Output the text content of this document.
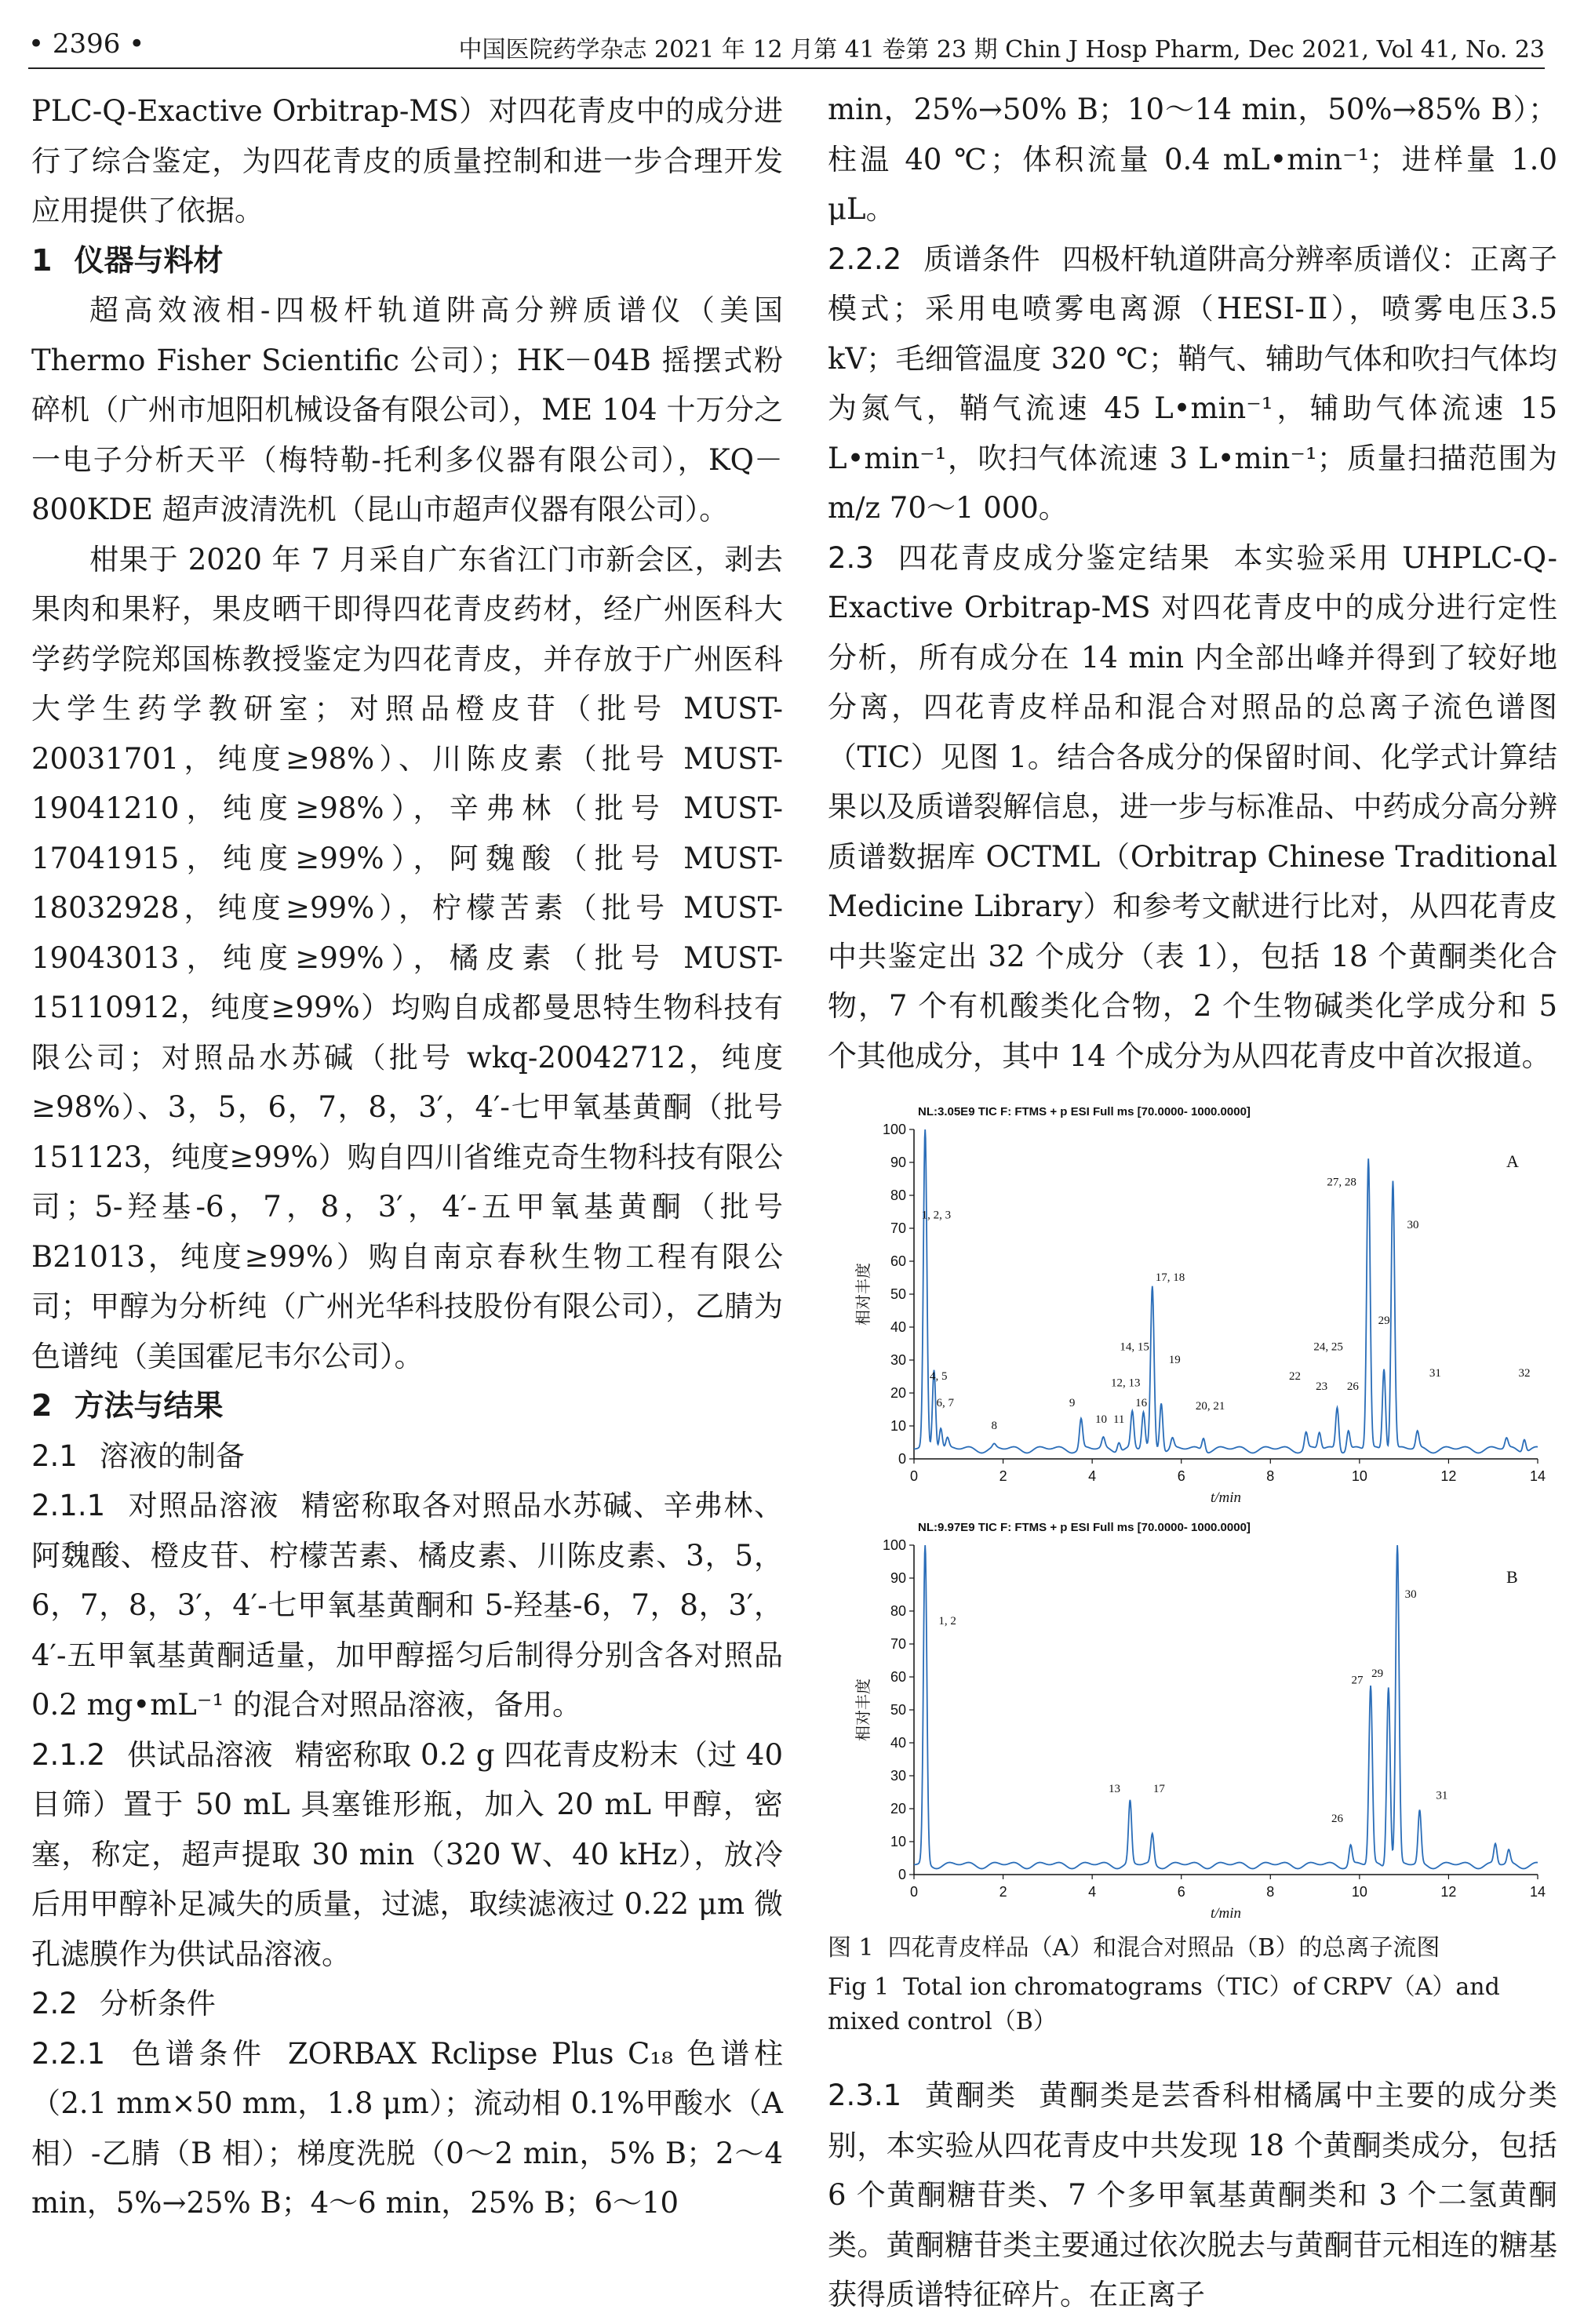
• 2396 •	中国医院药学杂志 2021 年 12 月第 41 卷第 23 期 Chin J Hosp Pharm, Dec 2021, Vol 41, No. 23

PLC-Q-Exactive Orbitrap-MS）对四花青皮中的成分进行了综合鉴定，为四花青皮的质量控制和进一步合理开发应用提供了依据。

1 仪器与料材

超高效液相-四极杆轨道阱高分辨质谱仪（美国 Thermo Fisher Scientific 公司）；HK－04B 摇摆式粉碎机（广州市旭阳机械设备有限公司），ME 104 十万分之一电子分析天平（梅特勒-托利多仪器有限公司），KQ－800KDE 超声波清洗机（昆山市超声仪器有限公司）。

柑果于 2020 年 7 月采自广东省江门市新会区，剥去果肉和果籽，果皮晒干即得四花青皮药材，经广州医科大学药学院郑国栋教授鉴定为四花青皮，并存放于广州医科大学生药学教研室；对照品橙皮苷（批号 MUST-20031701，纯度≥98%）、川陈皮素（批号 MUST-19041210，纯度≥98%），辛弗林（批号 MUST-17041915，纯度≥99%），阿魏酸（批号 MUST-18032928，纯度≥99%），柠檬苦素（批号 MUST-19043013，纯度≥99%），橘皮素（批号 MUST-15110912，纯度≥99%）均购自成都曼思特生物科技有限公司；对照品水苏碱（批号 wkq-20042712，纯度≥98%）、3，5，6，7，8，3′，4′-七甲氧基黄酮（批号 151123，纯度≥99%）购自四川省维克奇生物科技有限公司；5-羟基-6，7，8，3′，4′-五甲氧基黄酮（批号 B21013，纯度≥99%）购自南京春秋生物工程有限公司；甲醇为分析纯（广州光华科技股份有限公司），乙腈为色谱纯（美国霍尼韦尔公司）。

2 方法与结果
2.1 溶液的制备

2.1.1 对照品溶液 精密称取各对照品水苏碱、辛弗林、阿魏酸、橙皮苷、柠檬苦素、橘皮素、川陈皮素、3，5，6，7，8，3′，4′-七甲氧基黄酮和 5-羟基-6，7，8，3′，4′-五甲氧基黄酮适量，加甲醇摇匀后制得分别含各对照品 0.2 mg•mL⁻¹ 的混合对照品溶液，备用。

2.1.2 供试品溶液 精密称取 0.2 g 四花青皮粉末（过 40 目筛）置于 50 mL 具塞锥形瓶，加入 20 mL 甲醇，密塞，称定，超声提取 30 min（320 W、40 kHz），放冷后用甲醇补足减失的质量，过滤，取续滤液过 0.22 μm 微孔滤膜作为供试品溶液。

2.2 分析条件

2.2.1 色谱条件 ZORBAX Rclipse Plus C₁₈ 色谱柱（2.1 mm×50 mm，1.8 μm）；流动相 0.1%甲酸水（A 相）-乙腈（B 相）；梯度洗脱（0～2 min，5% B；2～4 min，5%→25% B；4～6 min，25% B；6～10

min，25%→50% B；10～14 min，50%→85% B）；柱温 40 ℃；体积流量 0.4 mL•min⁻¹；进样量 1.0 μL。

2.2.2 质谱条件 四极杆轨道阱高分辨率质谱仪：正离子模式；采用电喷雾电离源（HESI-Ⅱ），喷雾电压3.5 kV；毛细管温度 320 ℃；鞘气、辅助气体和吹扫气体均为氮气，鞘气流速 45 L•min⁻¹，辅助气体流速 15 L•min⁻¹，吹扫气体流速 3 L•min⁻¹；质量扫描范围为 m/z 70～1 000。

2.3 四花青皮成分鉴定结果 本实验采用 UHPLC-Q-Exactive Orbitrap-MS 对四花青皮中的成分进行定性分析，所有成分在 14 min 内全部出峰并得到了较好地分离，四花青皮样品和混合对照品的总离子流色谱图（TIC）见图 1。结合各成分的保留时间、化学式计算结果以及质谱裂解信息，进一步与标准品、中药成分高分辨质谱数据库 OCTML（Orbitrap Chinese Traditional Medicine Library）和参考文献进行比对，从四花青皮中共鉴定出 32 个成分（表 1），包括 18 个黄酮类化合物，7 个有机酸类化合物，2 个生物碱类化学成分和 5 个其他成分，其中 14 个成分为从四花青皮中首次报道。

NL:3.05E9 TIC F: FTMS + p ESI Full ms [70.0000- 1000.0000]
A
0
10
20
30
40
50
60
70
80
90
100
0	2	4	6	8	10	12	14
t/min
相对丰度
1, 2, 3
4, 5
6, 7
8
9
10 11
12, 13
14, 15
16
17, 18
19
20, 21
22
23
24, 25
26
27, 28
29
30
31	32
NL:9.97E9 TIC F: FTMS + p ESI Full ms [70.0000- 1000.0000]
B
0
10
20
30
40
50
60
70
80
90
100
0	2	4	6	8	10	12	14
t/min
相对丰度
1, 2
13	17
26
27
29
30
31

图 1 四花青皮样品（A）和混合对照品（B）的总离子流图

Fig 1 Total ion chromatograms（TIC）of CRPV（A）and mixed control（B）

2.3.1 黄酮类 黄酮类是芸香科柑橘属中主要的成分类别，本实验从四花青皮中共发现 18 个黄酮类成分，包括 6 个黄酮糖苷类、7 个多甲氧基黄酮类和 3 个二氢黄酮类。黄酮糖苷类主要通过依次脱去与黄酮苷元相连的糖基获得质谱特征碎片。在正离子
